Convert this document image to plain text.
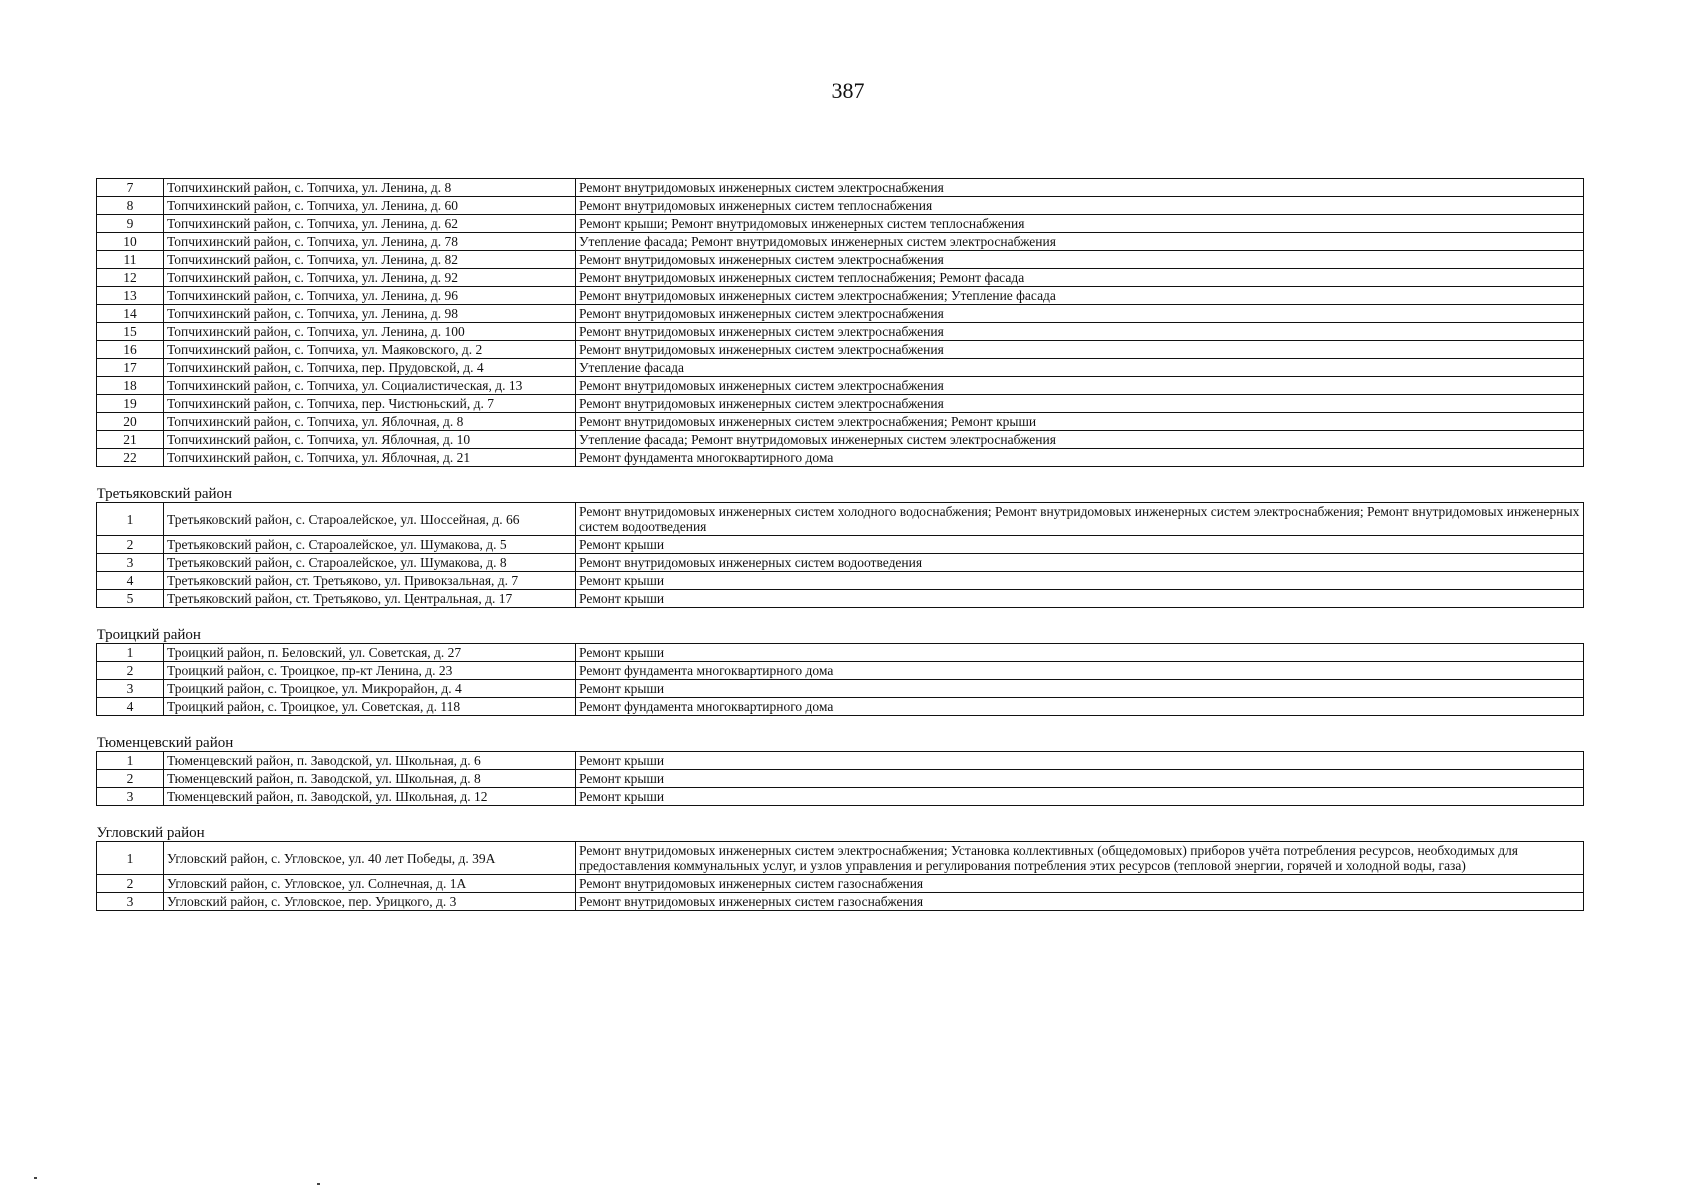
387
7	Топчихинский район, с. Топчиха, ул. Ленина, д. 8	Ремонт внутридомовых инженерных систем электроснабжения
8	Топчихинский район, с. Топчиха, ул. Ленина, д. 60	Ремонт внутридомовых инженерных систем теплоснабжения
9	Топчихинский район, с. Топчиха, ул. Ленина, д. 62	Ремонт крыши; Ремонт внутридомовых инженерных систем теплоснабжения
10	Топчихинский район, с. Топчиха, ул. Ленина, д. 78	Утепление фасада; Ремонт внутридомовых инженерных систем электроснабжения
11	Топчихинский район, с. Топчиха, ул. Ленина, д. 82	Ремонт внутридомовых инженерных систем электроснабжения
12	Топчихинский район, с. Топчиха, ул. Ленина, д. 92	Ремонт внутридомовых инженерных систем теплоснабжения; Ремонт фасада
13	Топчихинский район, с. Топчиха, ул. Ленина, д. 96	Ремонт внутридомовых инженерных систем электроснабжения; Утепление фасада
14	Топчихинский район, с. Топчиха, ул. Ленина, д. 98	Ремонт внутридомовых инженерных систем электроснабжения
15	Топчихинский район, с. Топчиха, ул. Ленина, д. 100	Ремонт внутридомовых инженерных систем электроснабжения
16	Топчихинский район, с. Топчиха, ул. Маяковского, д. 2	Ремонт внутридомовых инженерных систем электроснабжения
17	Топчихинский район, с. Топчиха, пер. Прудовской, д. 4	Утепление фасада
18	Топчихинский район, с. Топчиха, ул. Социалистическая, д. 13	Ремонт внутридомовых инженерных систем электроснабжения
19	Топчихинский район, с. Топчиха, пер. Чистюньский, д. 7	Ремонт внутридомовых инженерных систем электроснабжения
20	Топчихинский район, с. Топчиха, ул. Яблочная, д. 8	Ремонт внутридомовых инженерных систем электроснабжения; Ремонт крыши
21	Топчихинский район, с. Топчиха, ул. Яблочная, д. 10	Утепление фасада; Ремонт внутридомовых инженерных систем электроснабжения
22	Топчихинский район, с. Топчиха, ул. Яблочная, д. 21	Ремонт фундамента многоквартирного дома
Третьяковский район		
1	Третьяковский район, с. Староалейское, ул. Шоссейная, д. 66	Ремонт внутридомовых инженерных систем холодного водоснабжения; Ремонт внутридомовых инженерных систем электроснабжения; Ремонт внутридомовых инженерных систем водоотведения
2	Третьяковский район, с. Староалейское, ул. Шумакова, д. 5	Ремонт крыши
3	Третьяковский район, с. Староалейское, ул. Шумакова, д. 8	Ремонт внутридомовых инженерных систем водоотведения
4	Третьяковский район, ст. Третьяково, ул. Привокзальная, д. 7	Ремонт крыши
5	Третьяковский район, ст. Третьяково, ул. Центральная, д. 17	Ремонт крыши
Троицкий район		
1	Троицкий район, п. Беловский, ул. Советская, д. 27	Ремонт крыши
2	Троицкий район, с. Троицкое, пр-кт Ленина, д. 23	Ремонт фундамента многоквартирного дома
3	Троицкий район, с. Троицкое, ул. Микрорайон, д. 4	Ремонт крыши
4	Троицкий район, с. Троицкое, ул. Советская, д. 118	Ремонт фундамента многоквартирного дома
Тюменцевский район		
1	Тюменцевский район, п. Заводской, ул. Школьная, д. 6	Ремонт крыши
2	Тюменцевский район, п. Заводской, ул. Школьная, д. 8	Ремонт крыши
3	Тюменцевский район, п. Заводской, ул. Школьная, д. 12	Ремонт крыши
Угловский район		
1	Угловский район, с. Угловское, ул. 40 лет Победы, д. 39А	Ремонт внутридомовых инженерных систем электроснабжения; Установка коллективных (общедомовых) приборов учёта потребления ресурсов, необходимых для предоставления коммунальных услуг, и узлов управления и регулирования потребления этих ресурсов (тепловой энергии, горячей и холодной воды, газа)
2	Угловский район, с. Угловское, ул. Солнечная, д. 1А	Ремонт внутридомовых инженерных систем газоснабжения
3	Угловский район, с. Угловское, пер. Урицкого, д. 3	Ремонт внутридомовых инженерных систем газоснабжения
